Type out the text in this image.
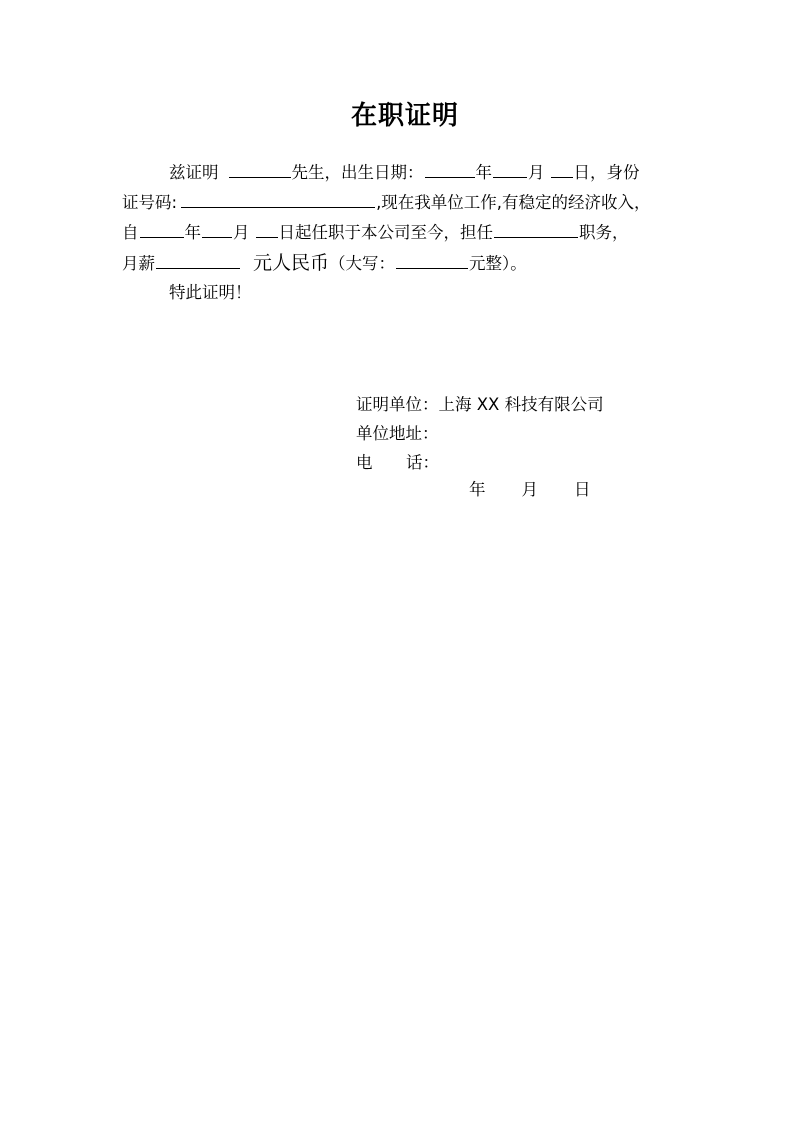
在职证明
兹证明	先生，出生日期：	年 月 日，身份
证号码:	,现在我单位工作,有稳定的经济收入，
自	年 月 日起任职于本公司至今，担任	职务，
月薪	元人民币（大写：	元整）。
特此证明！
证明单位：上海 XX 科技有限公司
单位地址：
电 话：
年 月 日
